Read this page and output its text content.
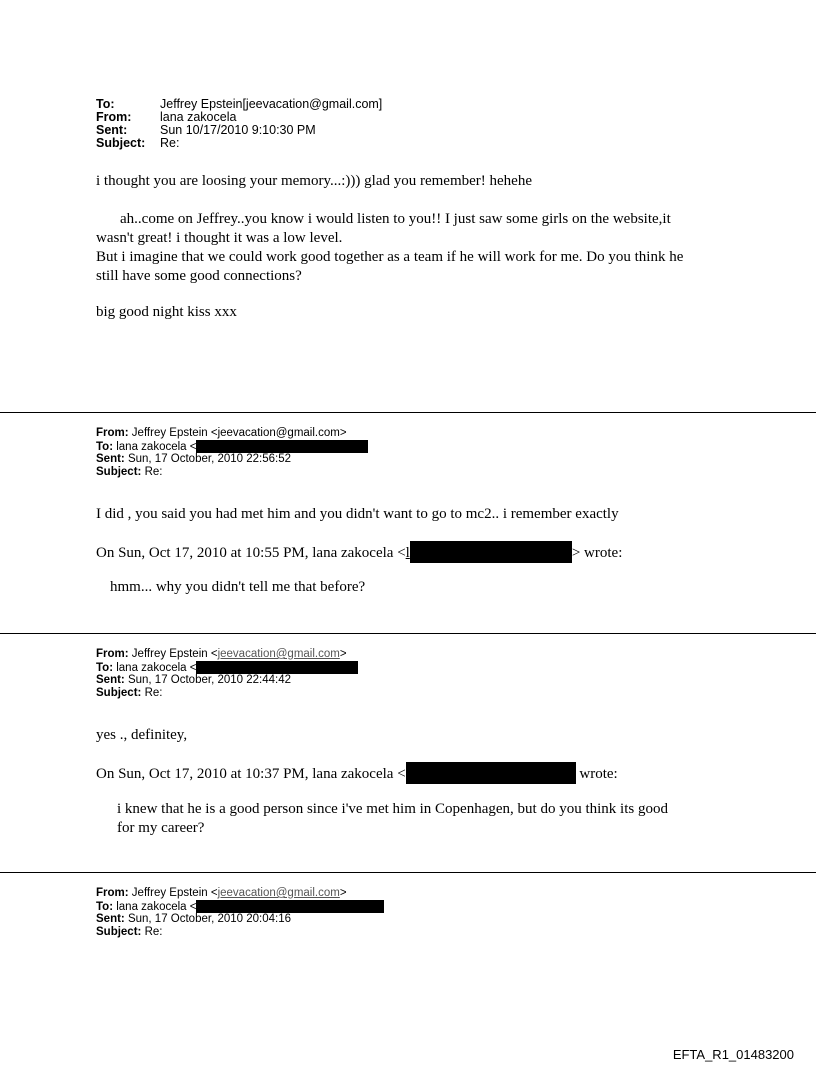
To:	Jeffrey Epstein[jeevacation@gmail.com]
From: lana zakocela
Sent:	Sun 10/17/2010 9:10:30 PM
Subject: Re:
i thought you are loosing your memory...:))) glad you remember! hehehe
ah..come on Jeffrey..you know i would listen to you!! I just saw some girls on the website,it
wasn't great! i thought it was a low level.
But i imagine that we could work good together as a team if he will work for me. Do you think he
still have some good connections?
big good night kiss xxx
From: Jeffrey Epstein <jeevacation@gmail.com>
To: lana zakocela <
Sent: Sun, 17 October, 2010 22:56:52
Subject: Re:
I did , you said you had met him and you didn't want to go to mc2.. i remember exactly
On Sun, Oct 17, 2010 at 10:55 PM, lana zakocela <l	> wrote:
hmm... why you didn't tell me that before?
From: Jeffrey Epstein <jeevacation@gmail.com>
To: lana zakocela <
Sent: Sun, 17 October, 2010 22:44:42
Subject: Re:
yes ., definitey,
On Sun, Oct 17, 2010 at 10:37 PM, lana zakocela <	wrote:
i knew that he is a good person since i've met him in Copenhagen, but do you think its good
for my career?
From: Jeffrey Epstein <jeevacation@gmail.com>
To: lana zakocela <
Sent: Sun, 17 October, 2010 20:04:16
Subject: Re:
EFTA_R1_01483200
